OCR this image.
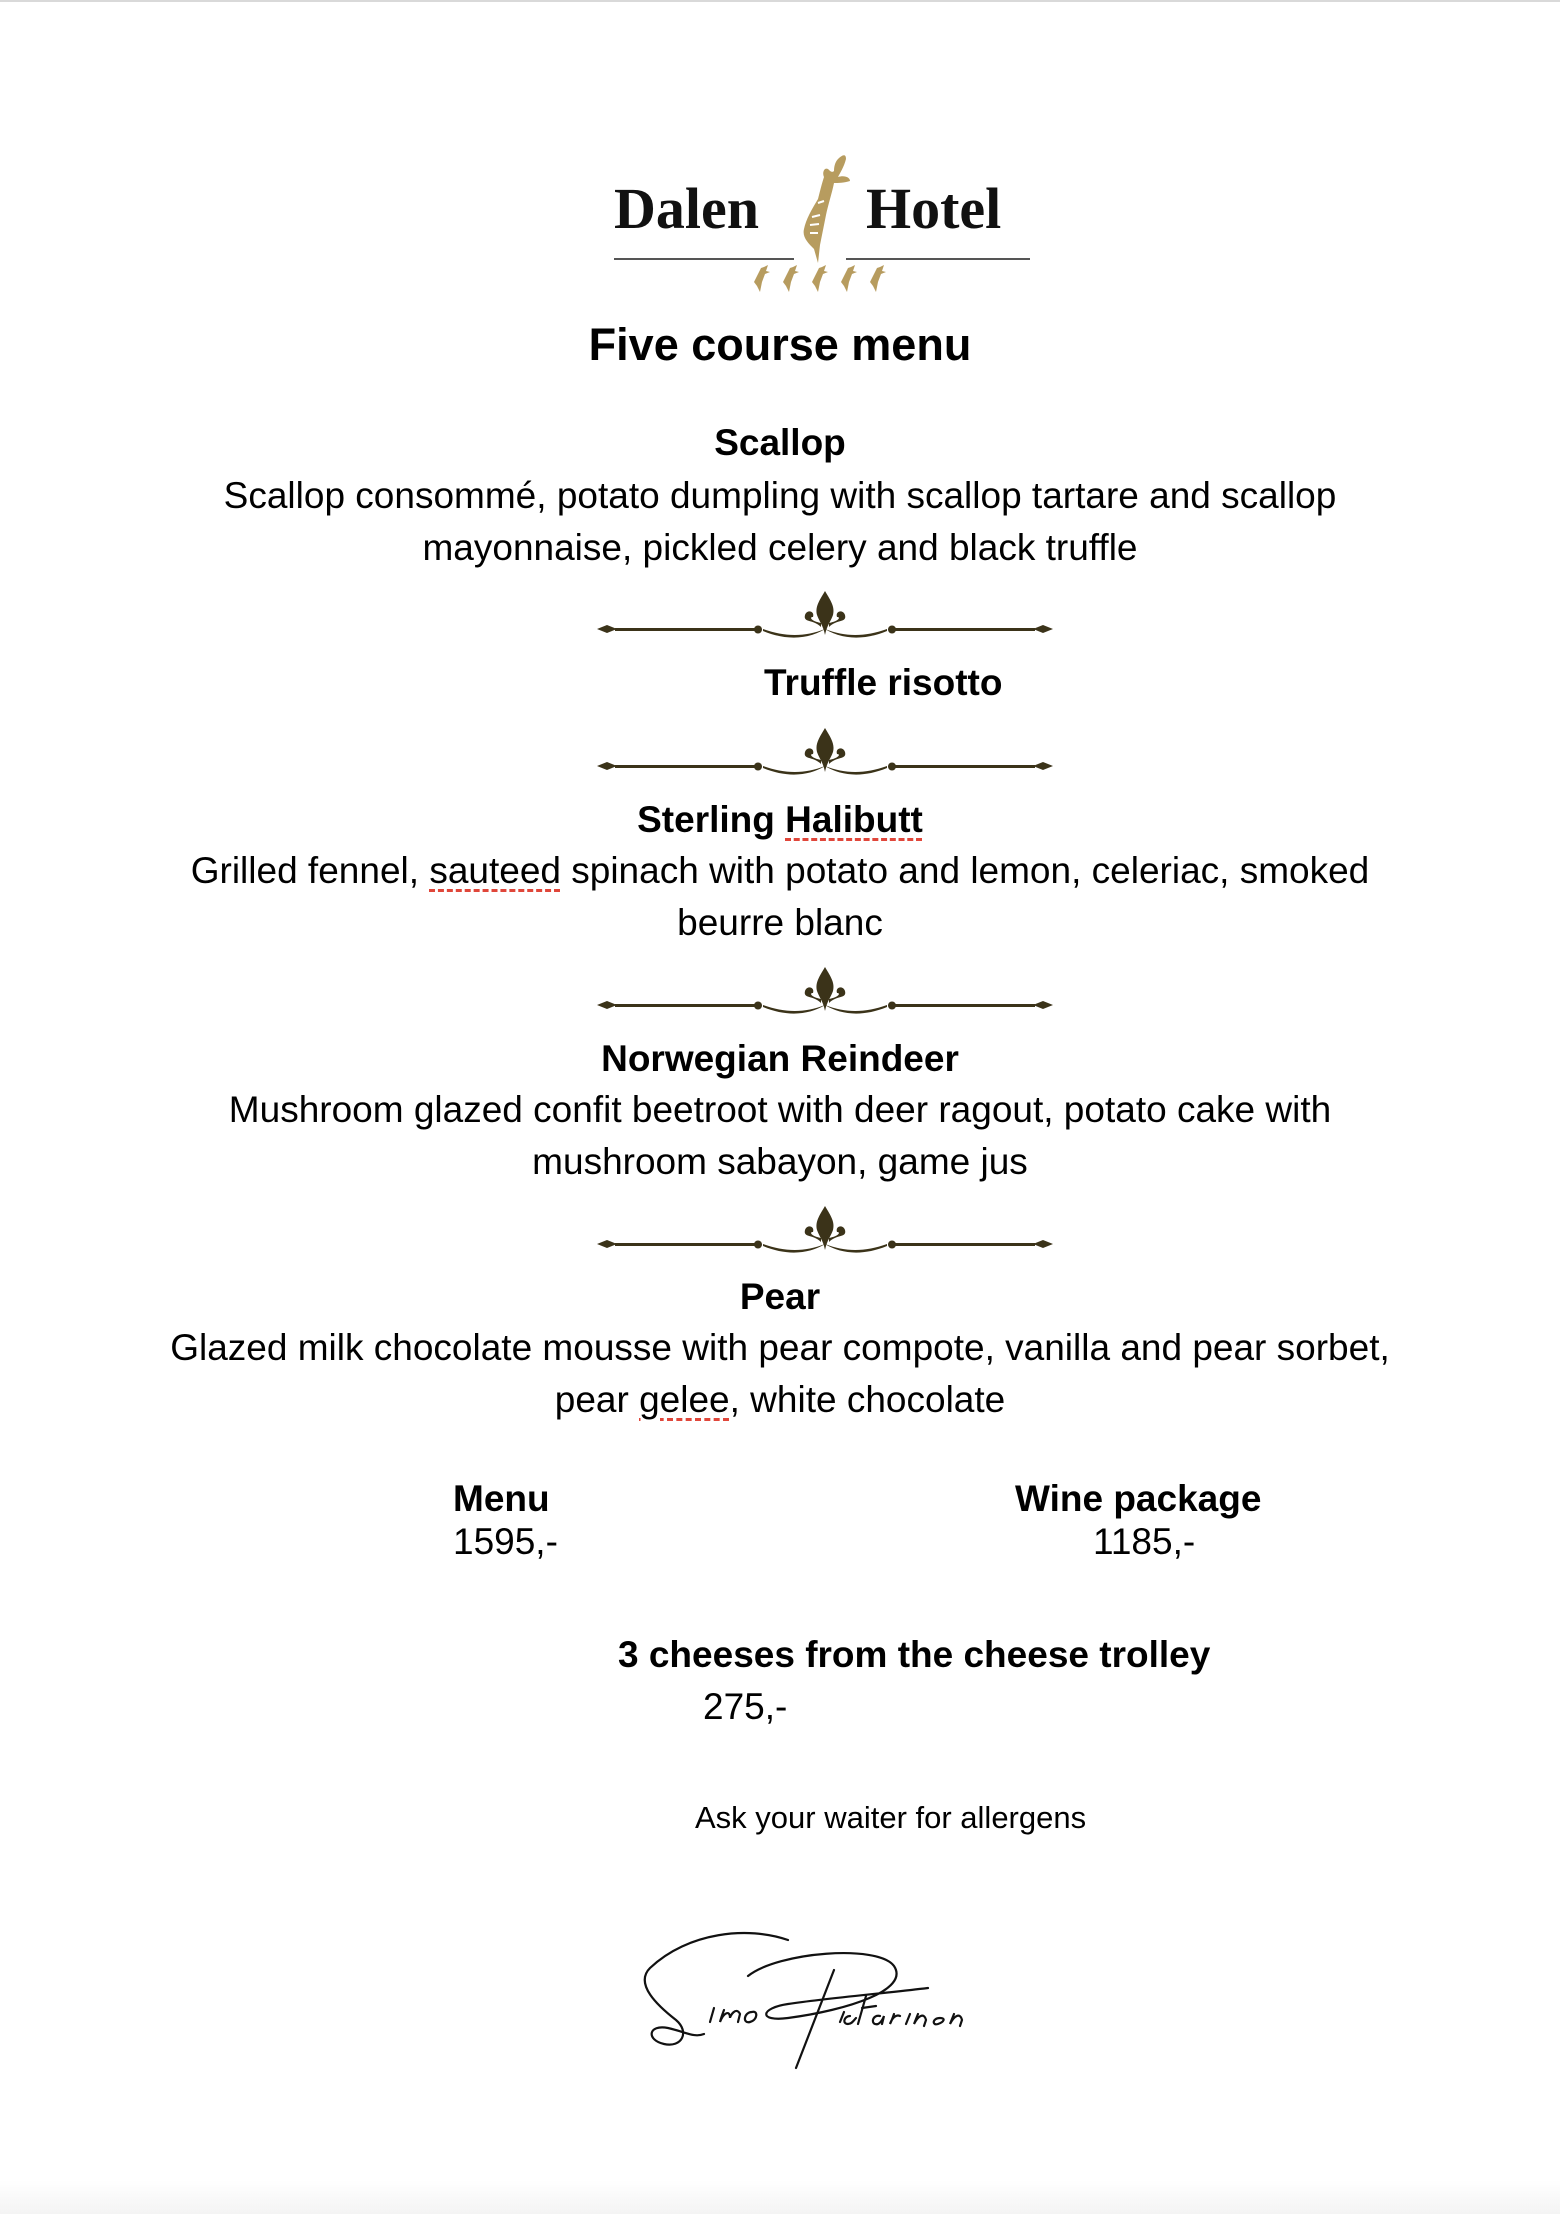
Dalen Hotel
Five course menu
Scallop
Scallop consommé, potato dumpling with scallop tartare and scallop
mayonnaise, pickled celery and black truffle
Truffle risotto
Sterling Halibutt
Grilled fennel, sauteed spinach with potato and lemon, celeriac, smoked
beurre blanc
Norwegian Reindeer
Mushroom glazed confit beetroot with deer ragout, potato cake with
mushroom sabayon, game jus
Pear
Glazed milk chocolate mousse with pear compote, vanilla and pear sorbet,
pear gelee, white chocolate
Menu
1595,-
Wine package
1185,-
3 cheeses from the cheese trolley
275,-
Ask your waiter for allergens
